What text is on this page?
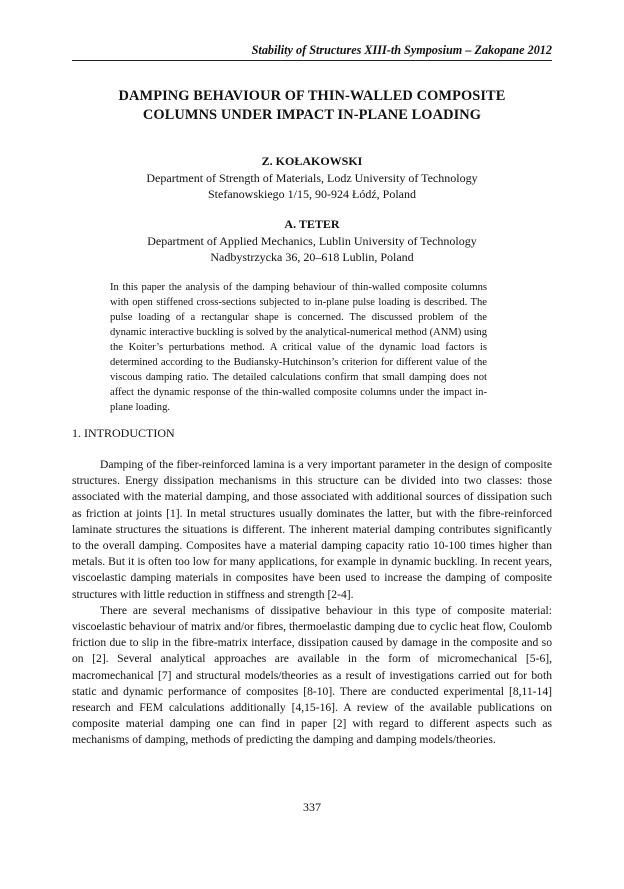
Stability of Structures XIII-th Symposium – Zakopane 2012
DAMPING BEHAVIOUR OF THIN-WALLED COMPOSITE
COLUMNS UNDER IMPACT IN-PLANE LOADING
Z. KOŁAKOWSKI
Department of Strength of Materials, Lodz University of Technology
Stefanowskiego 1/15, 90-924 Łódź, Poland
A. TETER
Department of Applied Mechanics, Lublin University of Technology
Nadbystrzycka 36, 20–618 Lublin, Poland
In this paper the analysis of the damping behaviour of thin-walled composite columns with open stiffened cross-sections subjected to in-plane pulse loading is described. The pulse loading of a rectangular shape is concerned. The discussed problem of the dynamic interactive buckling is solved by the analytical-numerical method (ANM) using the Koiter’s perturbations method. A critical value of the dynamic load factors is determined according to the Budiansky-Hutchinson’s criterion for different value of the viscous damping ratio. The detailed calculations confirm that small damping does not affect the dynamic response of the thin-walled composite columns under the impact in-plane loading.
1. INTRODUCTION

Damping of the fiber-reinforced lamina is a very important parameter in the design of composite structures. Energy dissipation mechanisms in this structure can be divided into two classes: those associated with the material damping, and those associated with additional sources of dissipation such as friction at joints [1]. In metal structures usually dominates the latter, but with the fibre-reinforced laminate structures the situations is different. The inherent material damping contributes significantly to the overall damping. Composites have a material damping capacity ratio 10-100 times higher than metals. But it is often too low for many applications, for example in dynamic buckling. In recent years, viscoelastic damping materials in composites have been used to increase the damping of composite structures with little reduction in stiffness and strength [2-4].

There are several mechanisms of dissipative behaviour in this type of composite material: viscoelastic behaviour of matrix and/or fibres, thermoelastic damping due to cyclic heat flow, Coulomb friction due to slip in the fibre-matrix interface, dissipation caused by damage in the composite and so on [2]. Several analytical approaches are available in the form of micromechanical [5-6], macromechanical [7] and structural models/theories as a result of investigations carried out for both static and dynamic performance of composites [8-10]. There are conducted experimental [8,11-14] research and FEM calculations additionally [4,15-16]. A review of the available publications on composite material damping one can find in paper [2] with regard to different aspects such as mechanisms of damping, methods of predicting the damping and damping models/theories.

337
